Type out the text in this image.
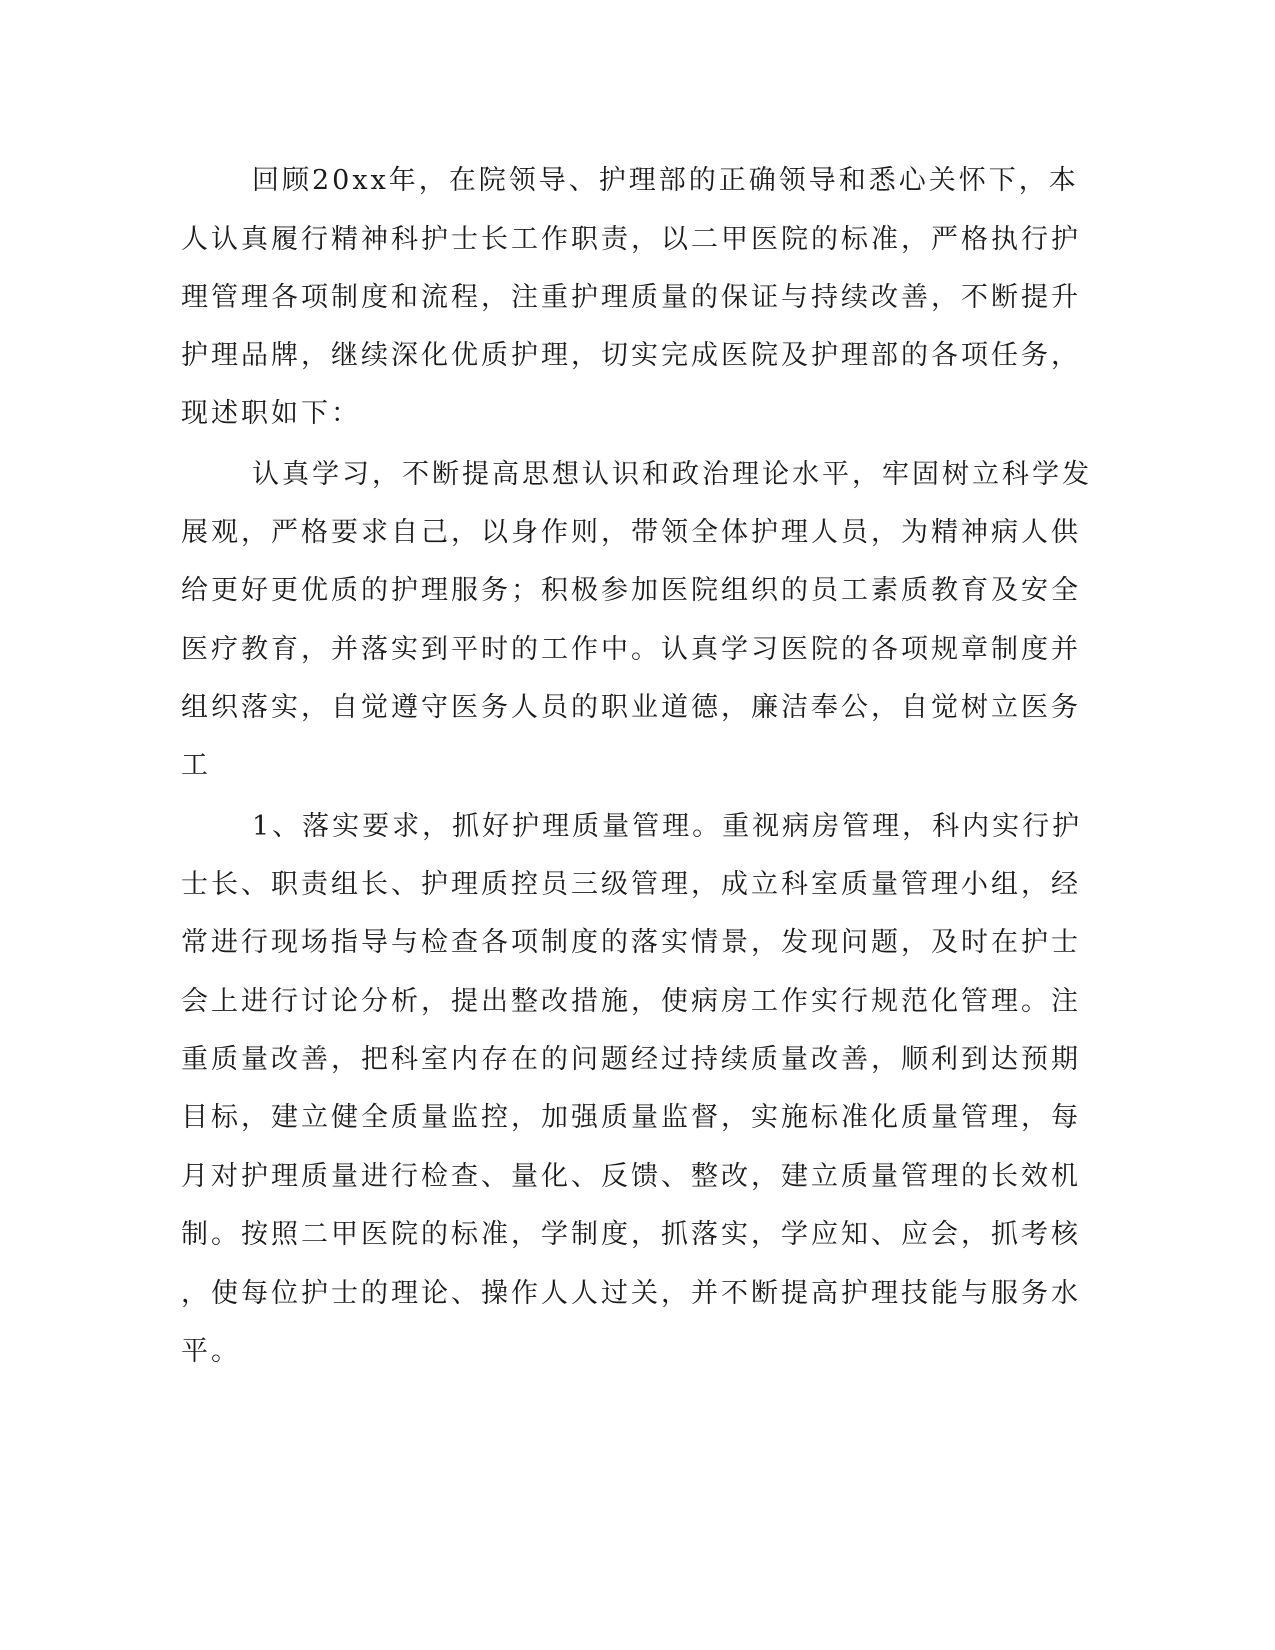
回顾20xx年，在院领导、护理部的正确领导和悉心关怀下，本

人认真履行精神科护士长工作职责，以二甲医院的标准，严格执行护

理管理各项制度和流程，注重护理质量的保证与持续改善，不断提升

护理品牌，继续深化优质护理，切实完成医院及护理部的各项任务，

现述职如下：

认真学习，不断提高思想认识和政治理论水平，牢固树立科学发

展观，严格要求自己，以身作则，带领全体护理人员，为精神病人供

给更好更优质的护理服务；积极参加医院组织的员工素质教育及安全

医疗教育，并落实到平时的工作中。认真学习医院的各项规章制度并

组织落实，自觉遵守医务人员的职业道德，廉洁奉公，自觉树立医务

工

1、落实要求，抓好护理质量管理。重视病房管理，科内实行护

士长、职责组长、护理质控员三级管理，成立科室质量管理小组，经

常进行现场指导与检查各项制度的落实情景，发现问题，及时在护士

会上进行讨论分析，提出整改措施，使病房工作实行规范化管理。注

重质量改善，把科室内存在的问题经过持续质量改善，顺利到达预期

目标，建立健全质量监控，加强质量监督，实施标准化质量管理，每

月对护理质量进行检查、量化、反馈、整改，建立质量管理的长效机

制。按照二甲医院的标准，学制度，抓落实，学应知、应会，抓考核

，使每位护士的理论、操作人人过关，并不断提高护理技能与服务水

平。
